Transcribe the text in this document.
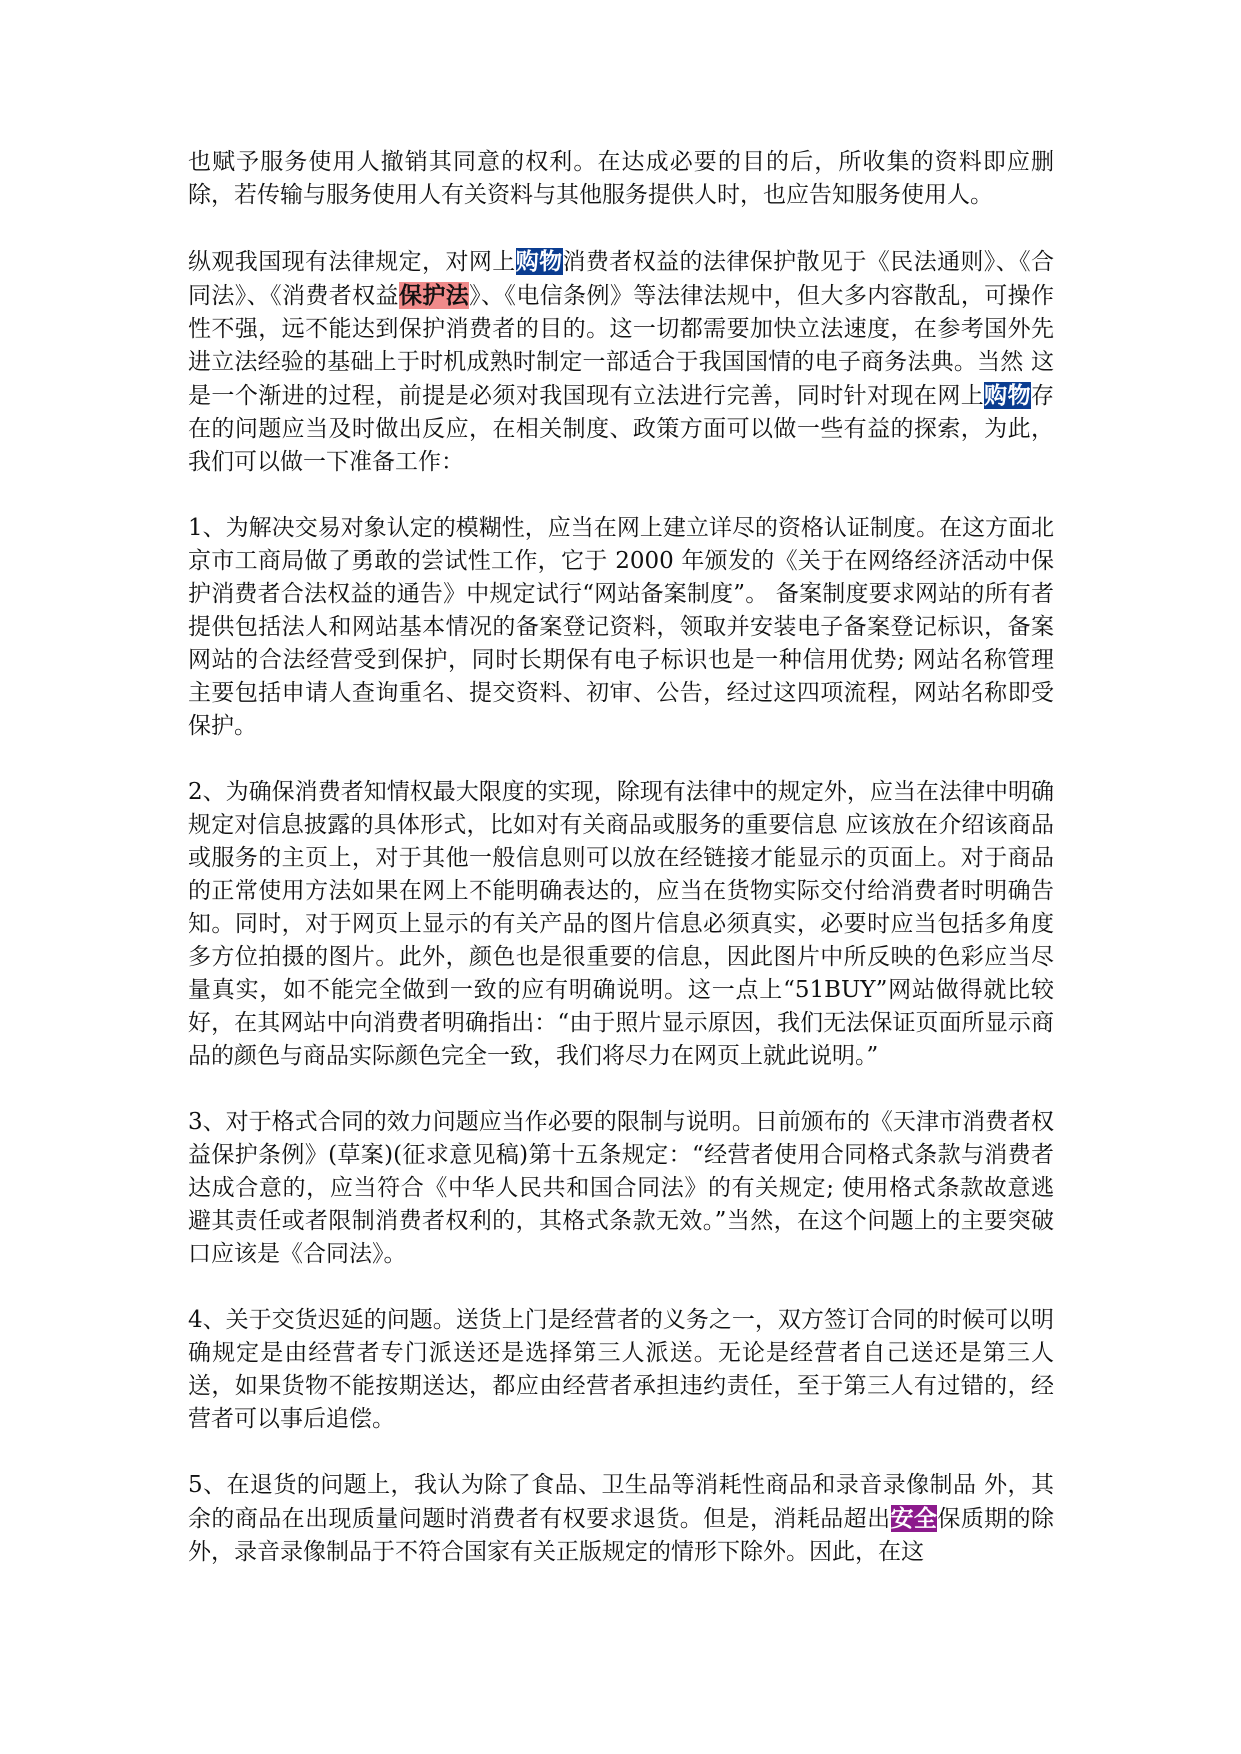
也赋予服务使用人撤销其同意的权利。在达成必要的目的后，所收集的资料即应删除，若传输与服务使用人有关资料与其他服务提供人时，也应告知服务使用人。

纵观我国现有法律规定，对网上购物消费者权益的法律保护散见于《民法通则》、《合同法》、《消费者权益保护法》、《电信条例》等法律法规中，但大多内容散乱，可操作性不强，远不能达到保护消费者的目的。这一切都需要加快立法速度，在参考国外先进立法经验的基础上于时机成熟时制定一部适合于我国国情的电子商务法典。当然 这是一个渐进的过程，前提是必须对我国现有立法进行完善，同时针对现在网上购物存在的问题应当及时做出反应，在相关制度、政策方面可以做一些有益的探索，为此，我们可以做一下准备工作：

1、为解决交易对象认定的模糊性，应当在网上建立详尽的资格认证制度。在这方面北京市工商局做了勇敢的尝试性工作，它于 2000 年颁发的《关于在网络经济活动中保护消费者合法权益的通告》中规定试行“网站备案制度”。 备案制度要求网站的所有者提供包括法人和网站基本情况的备案登记资料，领取并安装电子备案登记标识，备案网站的合法经营受到保护，同时长期保有电子标识也是一种信用优势; 网站名称管理主要包括申请人查询重名、提交资料、初审、公告，经过这四项流程，网站名称即受保护。

2、为确保消费者知情权最大限度的实现，除现有法律中的规定外，应当在法律中明确规定对信息披露的具体形式，比如对有关商品或服务的重要信息 应该放在介绍该商品或服务的主页上，对于其他一般信息则可以放在经链接才能显示的页面上。对于商品的正常使用方法如果在网上不能明确表达的，应当在货物实际交付给消费者时明确告知。同时，对于网页上显示的有关产品的图片信息必须真实，必要时应当包括多角度多方位拍摄的图片。此外，颜色也是很重要的信息，因此图片中所反映的色彩应当尽量真实，如不能完全做到一致的应有明确说明。这一点上“51BUY”网站做得就比较好，在其网站中向消费者明确指出：“由于照片显示原因，我们无法保证页面所显示商品的颜色与商品实际颜色完全一致，我们将尽力在网页上就此说明。”

3、对于格式合同的效力问题应当作必要的限制与说明。日前颁布的《天津市消费者权益保护条例》(草案)(征求意见稿)第十五条规定：“经营者使用合同格式条款与消费者达成合意的，应当符合《中华人民共和国合同法》的有关规定; 使用格式条款故意逃避其责任或者限制消费者权利的，其格式条款无效。”当然，在这个问题上的主要突破口应该是《合同法》。

4、关于交货迟延的问题。送货上门是经营者的义务之一，双方签订合同的时候可以明确规定是由经营者专门派送还是选择第三人派送。无论是经营者自己送还是第三人送，如果货物不能按期送达，都应由经营者承担违约责任，至于第三人有过错的，经营者可以事后追偿。

5、在退货的问题上，我认为除了食品、卫生品等消耗性商品和录音录像制品 外，其余的商品在出现质量问题时消费者有权要求退货。但是，消耗品超出安全保质期的除外，录音录像制品于不符合国家有关正版规定的情形下除外。因此，在这
